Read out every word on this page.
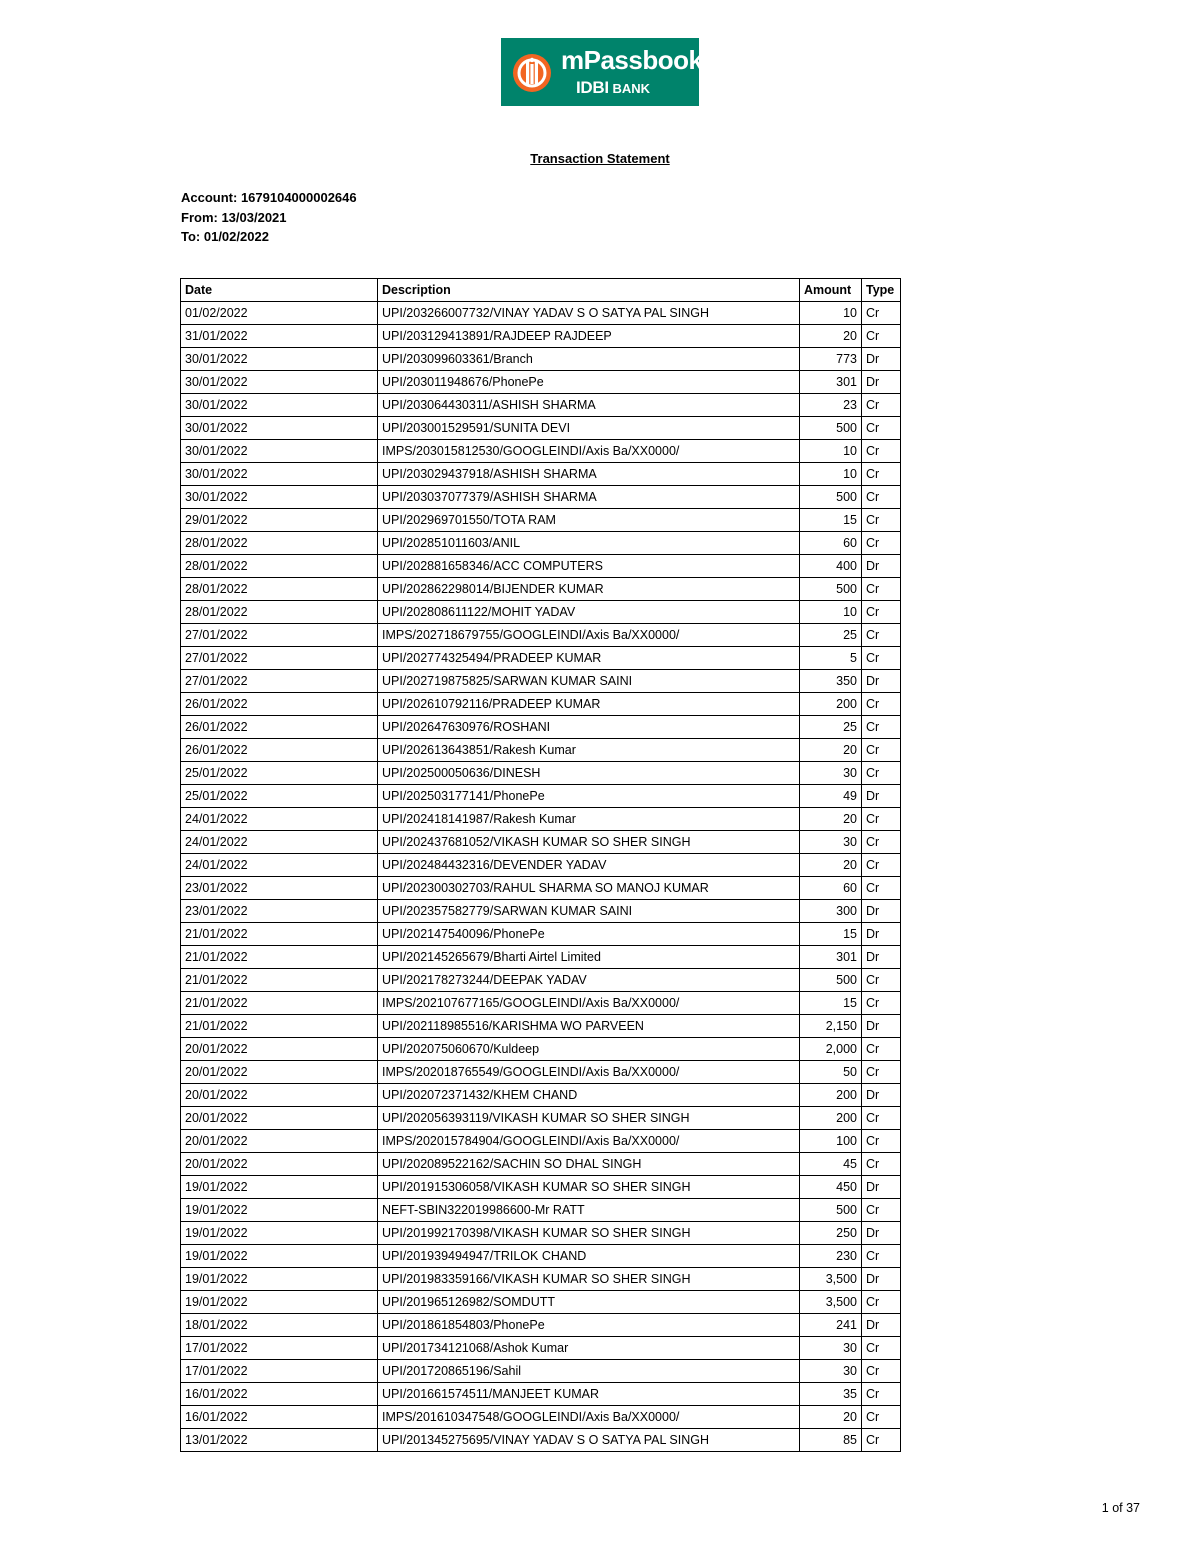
mPassbook
IDBI BANK
Transaction Statement
Account: 1679104000002646
From: 13/03/2021
To: 01/02/2022
Date	Description	Amount	Type
01/02/2022	UPI/203266007732/VINAY YADAV S O SATYA PAL SINGH	10	Cr
31/01/2022	UPI/203129413891/RAJDEEP RAJDEEP	20	Cr
30/01/2022	UPI/203099603361/Branch	773	Dr
30/01/2022	UPI/203011948676/PhonePe	301	Dr
30/01/2022	UPI/203064430311/ASHISH SHARMA	23	Cr
30/01/2022	UPI/203001529591/SUNITA DEVI	500	Cr
30/01/2022	IMPS/203015812530/GOOGLEINDI/Axis Ba/XX0000/	10	Cr
30/01/2022	UPI/203029437918/ASHISH SHARMA	10	Cr
30/01/2022	UPI/203037077379/ASHISH SHARMA	500	Cr
29/01/2022	UPI/202969701550/TOTA RAM	15	Cr
28/01/2022	UPI/202851011603/ANIL	60	Cr
28/01/2022	UPI/202881658346/ACC COMPUTERS	400	Dr
28/01/2022	UPI/202862298014/BIJENDER KUMAR	500	Cr
28/01/2022	UPI/202808611122/MOHIT YADAV	10	Cr
27/01/2022	IMPS/202718679755/GOOGLEINDI/Axis Ba/XX0000/	25	Cr
27/01/2022	UPI/202774325494/PRADEEP KUMAR	5	Cr
27/01/2022	UPI/202719875825/SARWAN KUMAR SAINI	350	Dr
26/01/2022	UPI/202610792116/PRADEEP KUMAR	200	Cr
26/01/2022	UPI/202647630976/ROSHANI	25	Cr
26/01/2022	UPI/202613643851/Rakesh Kumar	20	Cr
25/01/2022	UPI/202500050636/DINESH	30	Cr
25/01/2022	UPI/202503177141/PhonePe	49	Dr
24/01/2022	UPI/202418141987/Rakesh Kumar	20	Cr
24/01/2022	UPI/202437681052/VIKASH KUMAR SO SHER SINGH	30	Cr
24/01/2022	UPI/202484432316/DEVENDER YADAV	20	Cr
23/01/2022	UPI/202300302703/RAHUL SHARMA SO MANOJ KUMAR	60	Cr
23/01/2022	UPI/202357582779/SARWAN KUMAR SAINI	300	Dr
21/01/2022	UPI/202147540096/PhonePe	15	Dr
21/01/2022	UPI/202145265679/Bharti Airtel Limited	301	Dr
21/01/2022	UPI/202178273244/DEEPAK YADAV	500	Cr
21/01/2022	IMPS/202107677165/GOOGLEINDI/Axis Ba/XX0000/	15	Cr
21/01/2022	UPI/202118985516/KARISHMA WO PARVEEN	2,150	Dr
20/01/2022	UPI/202075060670/Kuldeep	2,000	Cr
20/01/2022	IMPS/202018765549/GOOGLEINDI/Axis Ba/XX0000/	50	Cr
20/01/2022	UPI/202072371432/KHEM CHAND	200	Dr
20/01/2022	UPI/202056393119/VIKASH KUMAR SO SHER SINGH	200	Cr
20/01/2022	IMPS/202015784904/GOOGLEINDI/Axis Ba/XX0000/	100	Cr
20/01/2022	UPI/202089522162/SACHIN SO DHAL SINGH	45	Cr
19/01/2022	UPI/201915306058/VIKASH KUMAR SO SHER SINGH	450	Dr
19/01/2022	NEFT-SBIN322019986600-Mr RATT	500	Cr
19/01/2022	UPI/201992170398/VIKASH KUMAR SO SHER SINGH	250	Dr
19/01/2022	UPI/201939494947/TRILOK CHAND	230	Cr
19/01/2022	UPI/201983359166/VIKASH KUMAR SO SHER SINGH	3,500	Dr
19/01/2022	UPI/201965126982/SOMDUTT	3,500	Cr
18/01/2022	UPI/201861854803/PhonePe	241	Dr
17/01/2022	UPI/201734121068/Ashok Kumar	30	Cr
17/01/2022	UPI/201720865196/Sahil	30	Cr
16/01/2022	UPI/201661574511/MANJEET KUMAR	35	Cr
16/01/2022	IMPS/201610347548/GOOGLEINDI/Axis Ba/XX0000/	20	Cr
13/01/2022	UPI/201345275695/VINAY YADAV S O SATYA PAL SINGH	85	Cr
1 of 37
